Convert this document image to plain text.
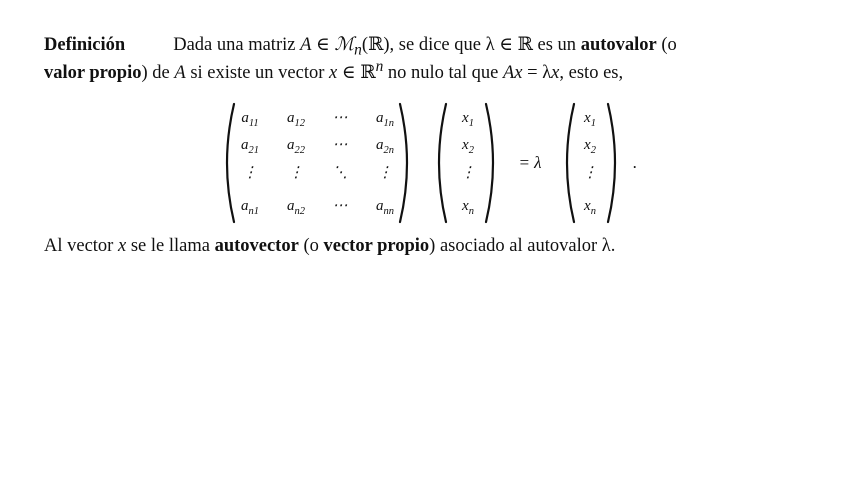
Definición	Dada una matriz A ∈ ℳ$_n$(ℝ), se dice que λ ∈ ℝ es un autovalor (o
valor propio) de A si existe un vector x ∈ ℝ$^n$ no nulo tal que Ax = λx, esto es,
$a_{11}$ $a_{12}$ ⋯ $a_{1n}$
$a_{21}$ $a_{22}$ ⋯ $a_{2n}$
⋮ ⋮ ⋱ ⋮
$a_{n1}$ $a_{n2}$ ⋯ $a_{nn}$
$x_1$
$x_2$
⋮
$x_n$
= λ
$x_1$
$x_2$
⋮
$x_n$
.
Al vector x se le llama autovector (o vector propio) asociado al autovalor λ.
